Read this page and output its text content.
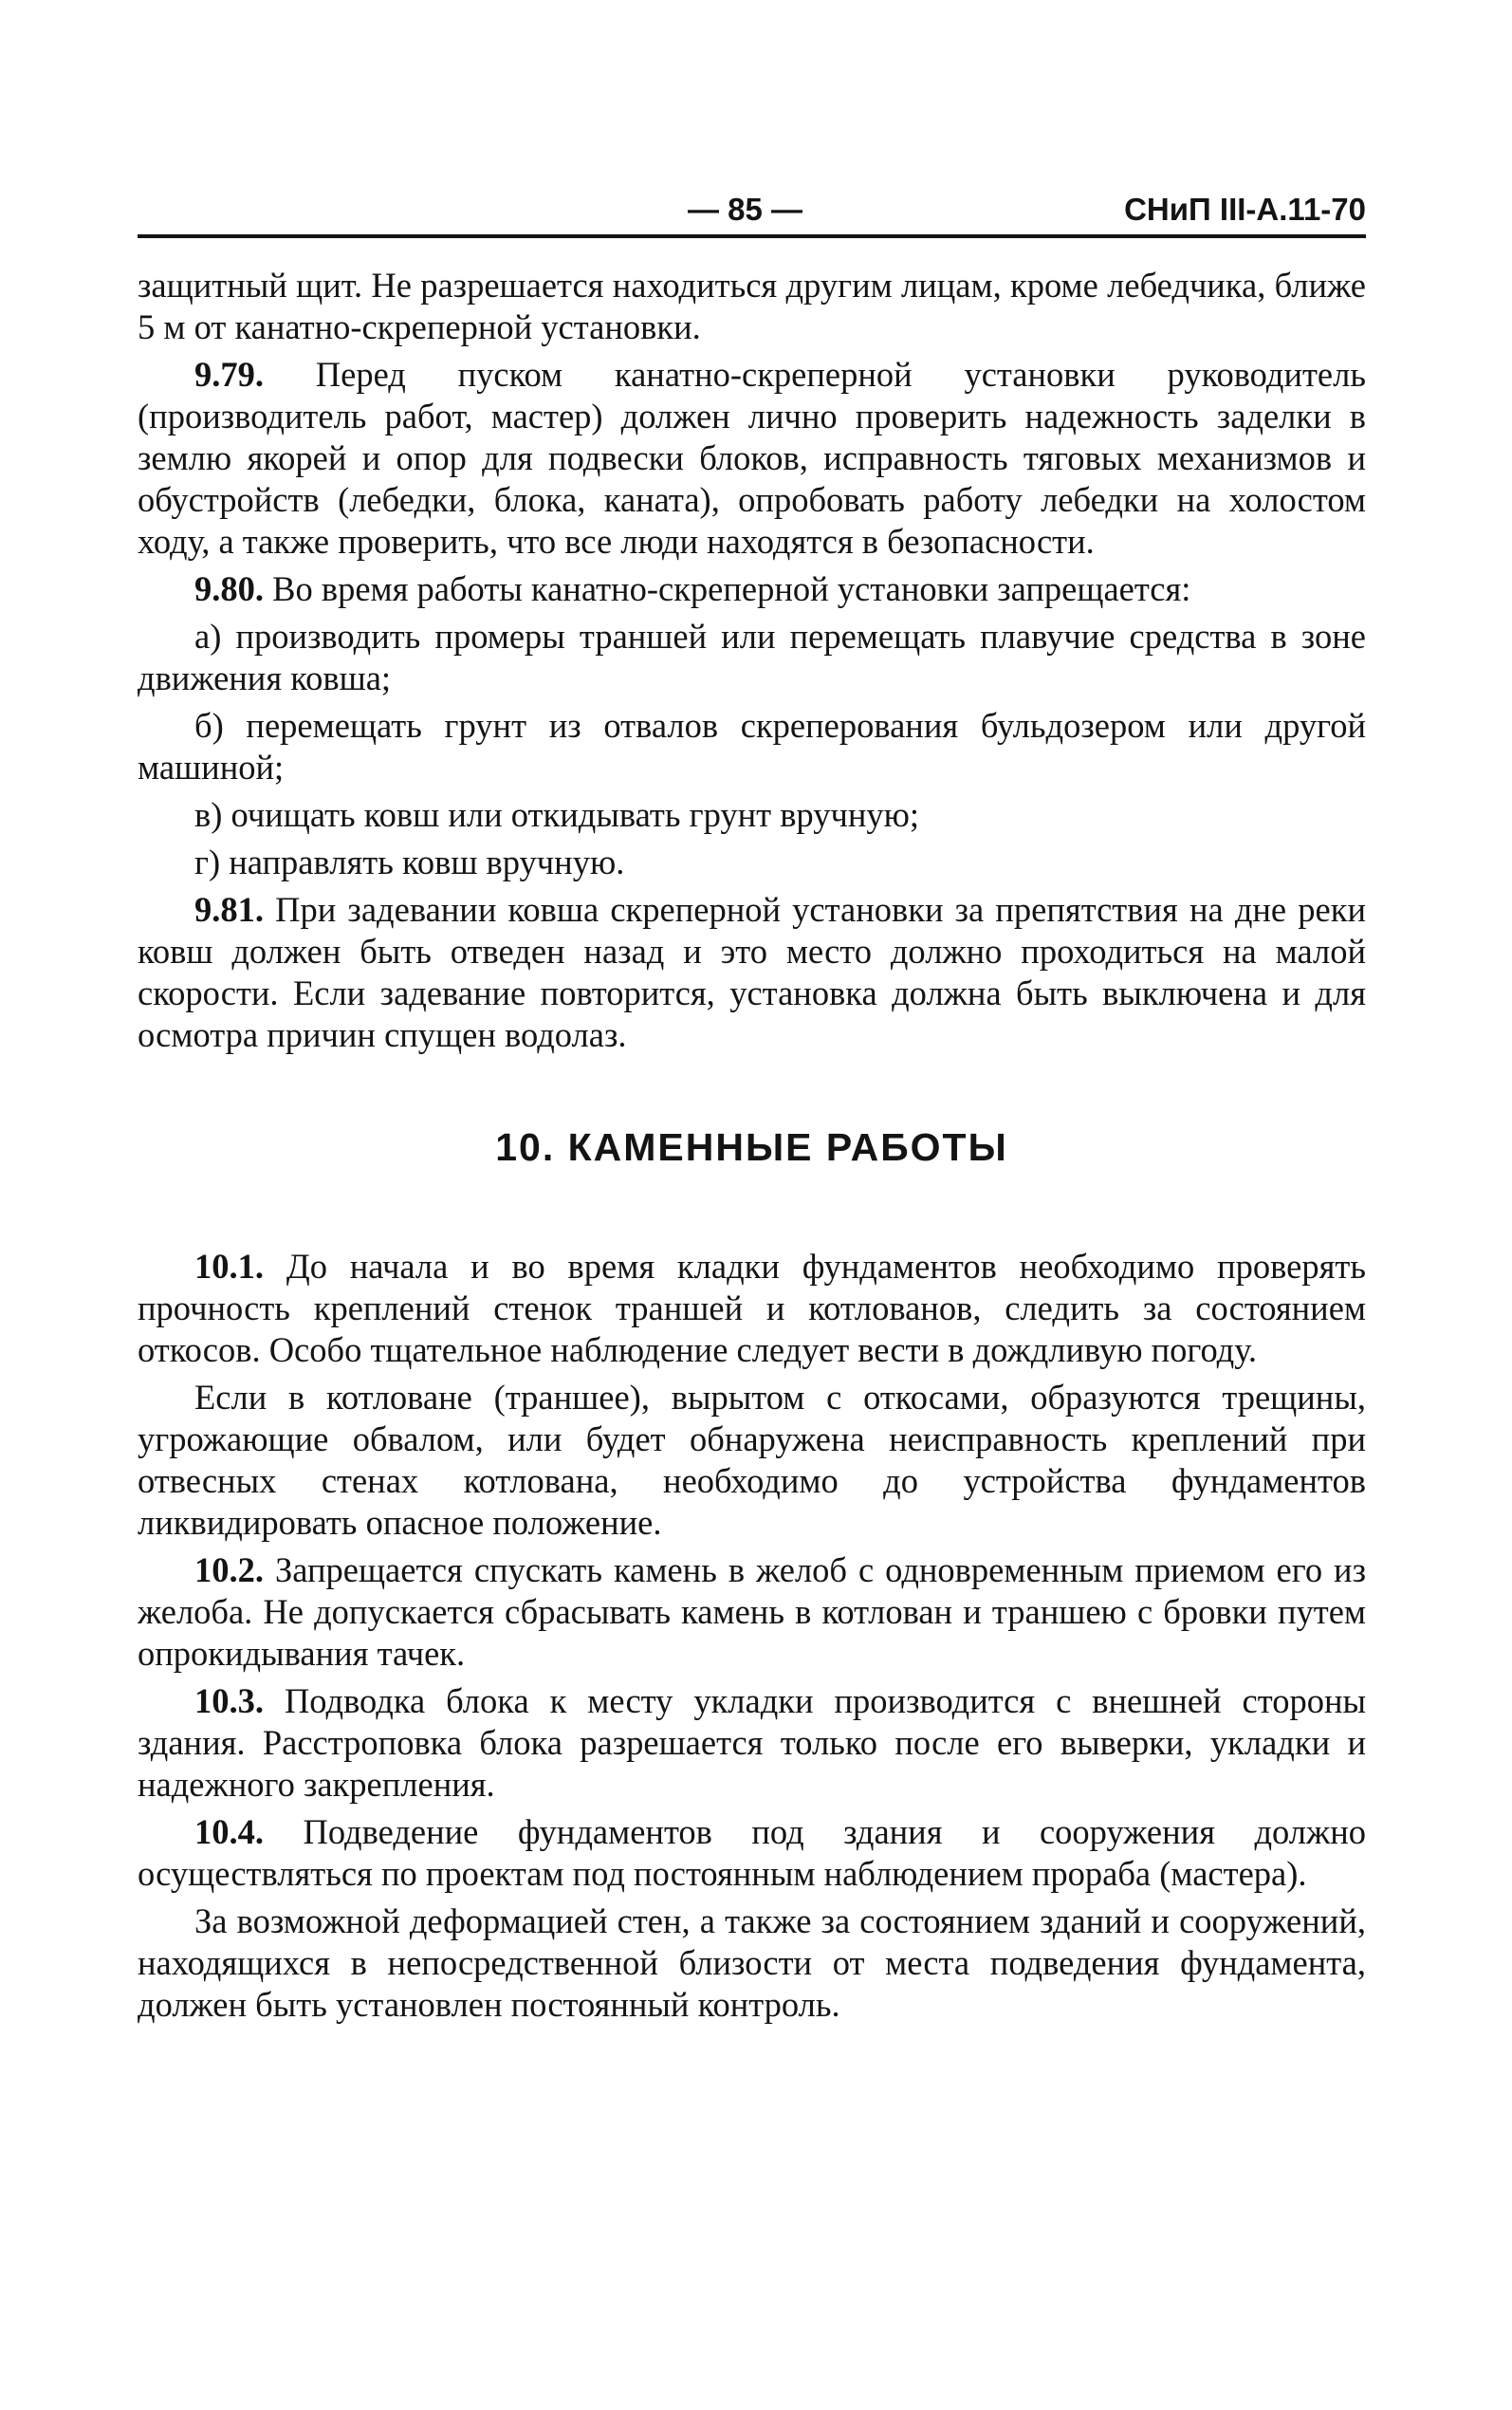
— 85 —	СНиП III-А.11-70

защитный щит. Не разрешается находиться другим лицам, кроме лебедчика, ближе 5 м от канатно-скреперной установки.

9.79. Перед пуском канатно-скреперной установки руководитель (производитель работ, мастер) должен лично проверить надежность заделки в землю якорей и опор для подвески блоков, исправность тяговых механизмов и обустройств (лебедки, блока, каната), опробовать работу лебедки на холостом ходу, а также проверить, что все люди находятся в безопасности.

9.80. Во время работы канатно-скреперной установки запрещается:

а) производить промеры траншей или перемещать плавучие средства в зоне движения ковша;

б) перемещать грунт из отвалов скреперования бульдозером или другой машиной;

в) очищать ковш или откидывать грунт вручную;

г) направлять ковш вручную.

9.81. При задевании ковша скреперной установки за препятствия на дне реки ковш должен быть отведен назад и это место должно проходиться на малой скорости. Если задевание повторится, установка должна быть выключена и для осмотра причин спущен водолаз.

10. КАМЕННЫЕ РАБОТЫ

10.1. До начала и во время кладки фундаментов необходимо проверять прочность креплений стенок траншей и котлованов, следить за состоянием откосов. Особо тщательное наблюдение следует вести в дождливую погоду.

Если в котловане (траншее), вырытом с откосами, образуются трещины, угрожающие обвалом, или будет обнаружена неисправность креплений при отвесных стенах котлована, необходимо до устройства фундаментов ликвидировать опасное положение.

10.2. Запрещается спускать камень в желоб с одновременным приемом его из желоба. Не допускается сбрасывать камень в котлован и траншею с бровки путем опрокидывания тачек.

10.3. Подводка блока к месту укладки производится с внешней стороны здания. Расстроповка блока разрешается только после его выверки, укладки и надежного закрепления.

10.4. Подведение фундаментов под здания и сооружения должно осуществляться по проектам под постоянным наблюдением прораба (мастера).

За возможной деформацией стен, а также за состоянием зданий и сооружений, находящихся в непосредственной близости от места подведения фундамента, должен быть установлен постоянный контроль.
